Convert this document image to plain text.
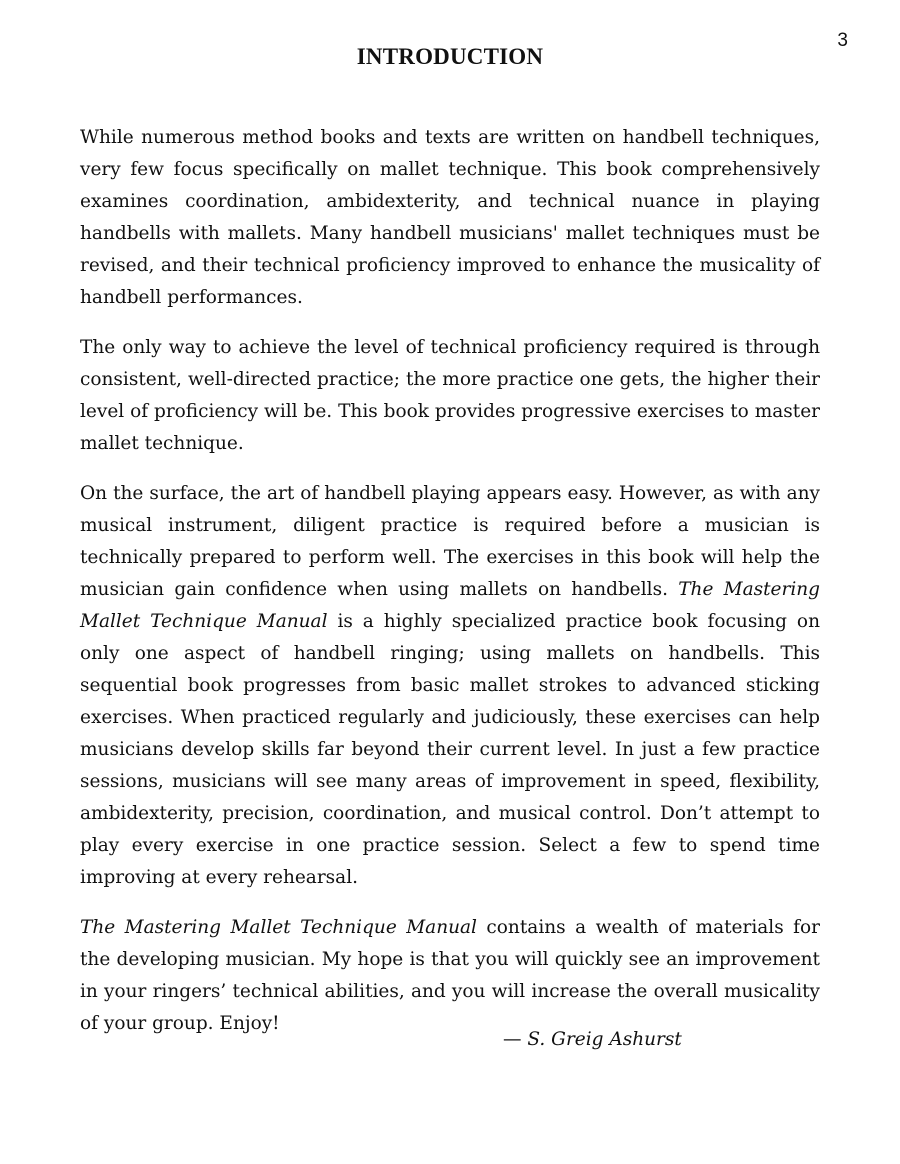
3
INTRODUCTION

While numerous method books and texts are written on handbell techniques, very few focus specifically on mallet technique. This book comprehensively examines coordination, ambidexterity, and technical nuance in playing handbells with mallets. Many handbell musicians' mallet techniques must be revised, and their technical proficiency improved to enhance the musicality of handbell performances.

The only way to achieve the level of technical proficiency required is through consistent, well-directed practice; the more practice one gets, the higher their level of proficiency will be. This book provides progressive exercises to master mallet technique.

On the surface, the art of handbell playing appears easy. However, as with any musical instrument, diligent practice is required before a musician is technically prepared to perform well. The exercises in this book will help the musician gain confidence when using mallets on handbells. The Mastering Mallet Technique Manual is a highly specialized practice book focusing on only one aspect of handbell ringing; using mallets on handbells. This sequential book progresses from basic mallet strokes to advanced sticking exercises. When practiced regularly and judiciously, these exercises can help musicians develop skills far beyond their current level. In just a few practice sessions, musicians will see many areas of improvement in speed, flexibility, ambidexterity, precision, coordination, and musical control. Don’t attempt to play every exercise in one practice session. Select a few to spend time improving at every rehearsal.

The Mastering Mallet Technique Manual contains a wealth of materials for the developing musician. My hope is that you will quickly see an improvement in your ringers’ technical abilities, and you will increase the overall musicality of your group. Enjoy!

— S. Greig Ashurst
